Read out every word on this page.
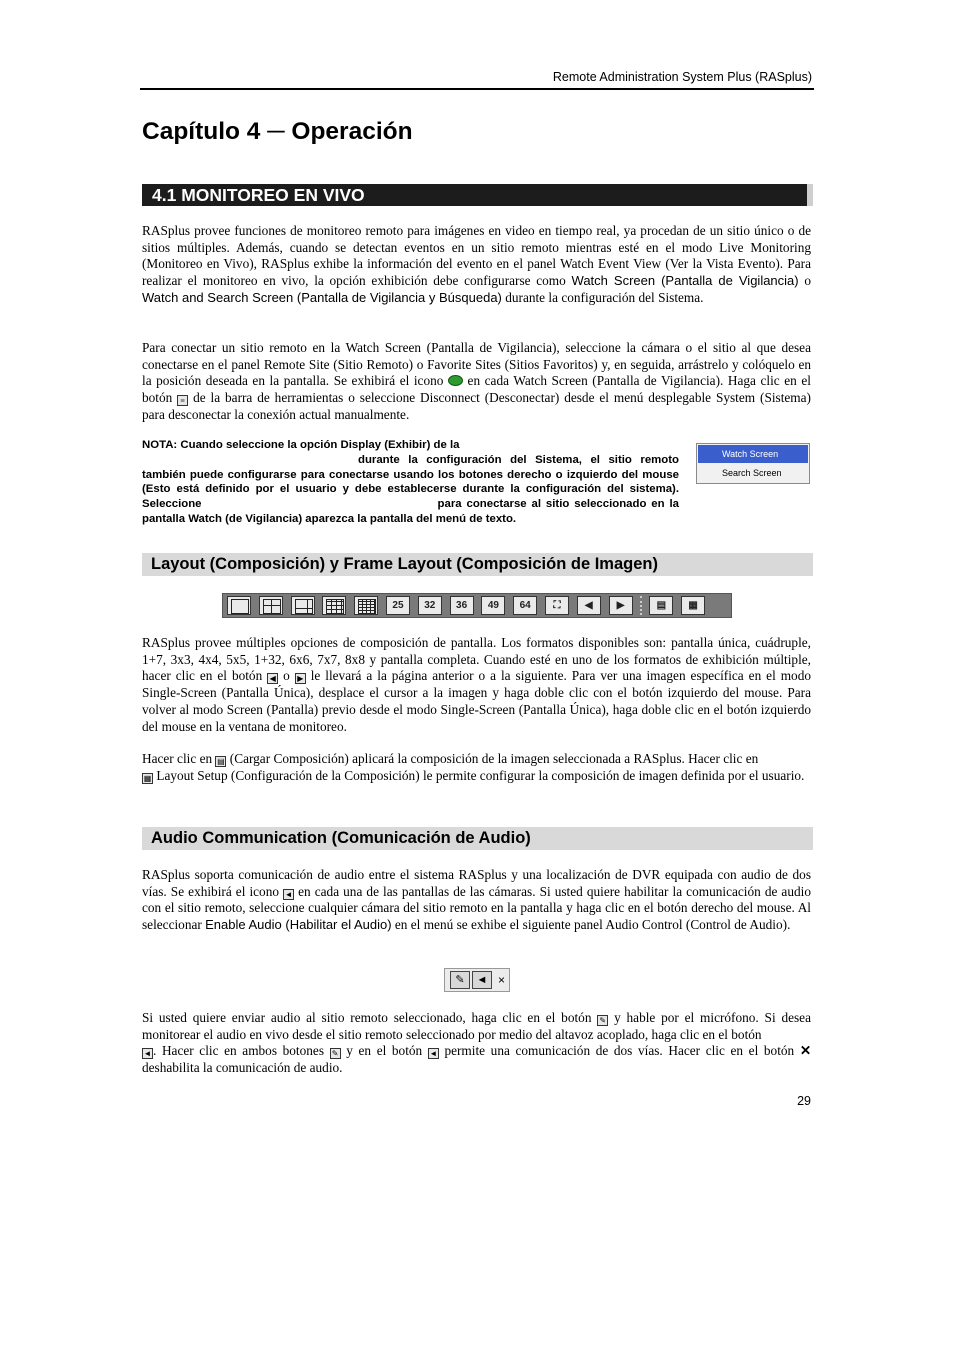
Remote Administration System Plus (RASplus)
Capítulo 4 ─ Operación
4.1 MONITOREO EN VIVO

RASplus provee funciones de monitoreo remoto para imágenes en video en tiempo real, ya procedan de un sitio único o de sitios múltiples. Además, cuando se detectan eventos en un sitio remoto mientras esté en el modo Live Monitoring (Monitoreo en Vivo), RASplus exhibe la información del evento en el panel Watch Event View (Ver la Vista Evento). Para realizar el monitoreo en vivo, la opción exhibición debe configurarse como Watch Screen (Pantalla de Vigilancia) o Watch and Search Screen (Pantalla de Vigilancia y Búsqueda) durante la configuración del Sistema.

Para conectar un sitio remoto en la Watch Screen (Pantalla de Vigilancia), seleccione la cámara o el sitio al que desea conectarse en el panel Remote Site (Sitio Remoto) o Favorite Sites (Sitios Favoritos) y, en seguida, arrástrelo y colóquelo en la posición deseada en la pantalla. Se exhibirá el icono  en cada Watch Screen (Pantalla de Vigilancia). Haga clic en el botón ≡ de la barra de herramientas o seleccione Disconnect (Desconectar) desde el menú desplegable System (Sistema) para desconectar la conexión actual manualmente.

NOTA: Cuando seleccione la opción Display (Exhibir) de la
durante la configuración del Sistema, el sitio remoto también puede configurarse para conectarse usando los botones derecho o izquierdo del mouse (Esto está definido por el usuario y debe establecerse durante la configuración del sistema). Seleccione	para conectarse al sitio seleccionado en la pantalla Watch (de Vigilancia) aparezca la pantalla del menú de texto.

Watch Screen
Search Screen
Layout (Composición) y Frame Layout (Composición de Imagen)
25	32	36	49	64	⛶	◀	▶	▤	▦

RASplus provee múltiples opciones de composición de pantalla. Los formatos disponibles son: pantalla única, cuádruple, 1+7, 3x3, 4x4, 5x5, 1+32, 6x6, 7x7, 8x8 y pantalla completa. Cuando esté en uno de los formatos de exhibición múltiple, hacer clic en el botón ◀ o ▶ le llevará a la página anterior o a la siguiente. Para ver una imagen específica en el modo Single-Screen (Pantalla Única), desplace el cursor a la imagen y haga doble clic con el botón izquierdo del mouse. Para volver al modo Screen (Pantalla) previo desde el modo Single-Screen (Pantalla Única), haga doble clic en el botón izquierdo del mouse en la ventana de monitoreo.

Hacer clic en ▤ (Cargar Composición) aplicará la composición de la imagen seleccionada a RASplus. Hacer clic en
▦ Layout Setup (Configuración de la Composición) le permite configurar la composición de imagen definida por el usuario.

Audio Communication (Comunicación de Audio)

RASplus soporta comunicación de audio entre el sistema RASplus y una localización de DVR equipada con audio de dos vías. Se exhibirá el icono ◄ en cada una de las pantallas de las cámaras. Si usted quiere habilitar la comunicación de audio con el sitio remoto, seleccione cualquier cámara del sitio remoto en la pantalla y haga clic en el botón derecho del mouse. Al seleccionar Enable Audio (Habilitar el Audio) en el menú se exhibe el siguiente panel Audio Control (Control de Audio).

✎	◄ ×

Si usted quiere enviar audio al sitio remoto seleccionado, haga clic en el botón ✎ y hable por el micrófono. Si desea monitorear el audio en vivo desde el sitio remoto seleccionado por medio del altavoz acoplado, haga clic en el botón
◄ . Hacer clic en ambos botones ✎ y en el botón ◄ permite una comunicación de dos vías. Hacer clic en el botón ✕ deshabilita la comunicación de audio.

29
